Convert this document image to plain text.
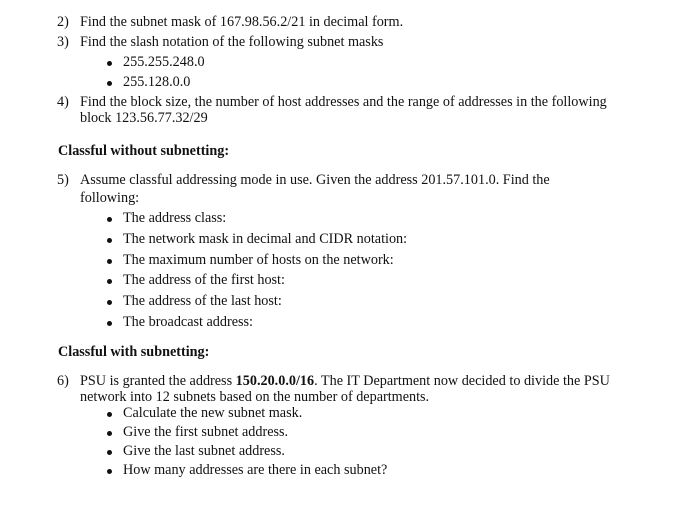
2) Find the subnet mask of 167.98.56.2/21 in decimal form.
3) Find the slash notation of the following subnet masks
255.255.248.0
255.128.0.0
4) Find the block size, the number of host addresses and the range of addresses in the following
block 123.56.77.32/29
Classful without subnetting:
5) Assume classful addressing mode in use. Given the address 201.57.101.0. Find the
following:
The address class:
The network mask in decimal and CIDR notation:
The maximum number of hosts on the network:
The address of the first host:
The address of the last host:
The broadcast address:
Classful with subnetting:
6) PSU is granted the address 150.20.0.0/16. The IT Department now decided to divide the PSU
network into 12 subnets based on the number of departments.
Calculate the new subnet mask.
Give the first subnet address.
Give the last subnet address.
How many addresses are there in each subnet?
